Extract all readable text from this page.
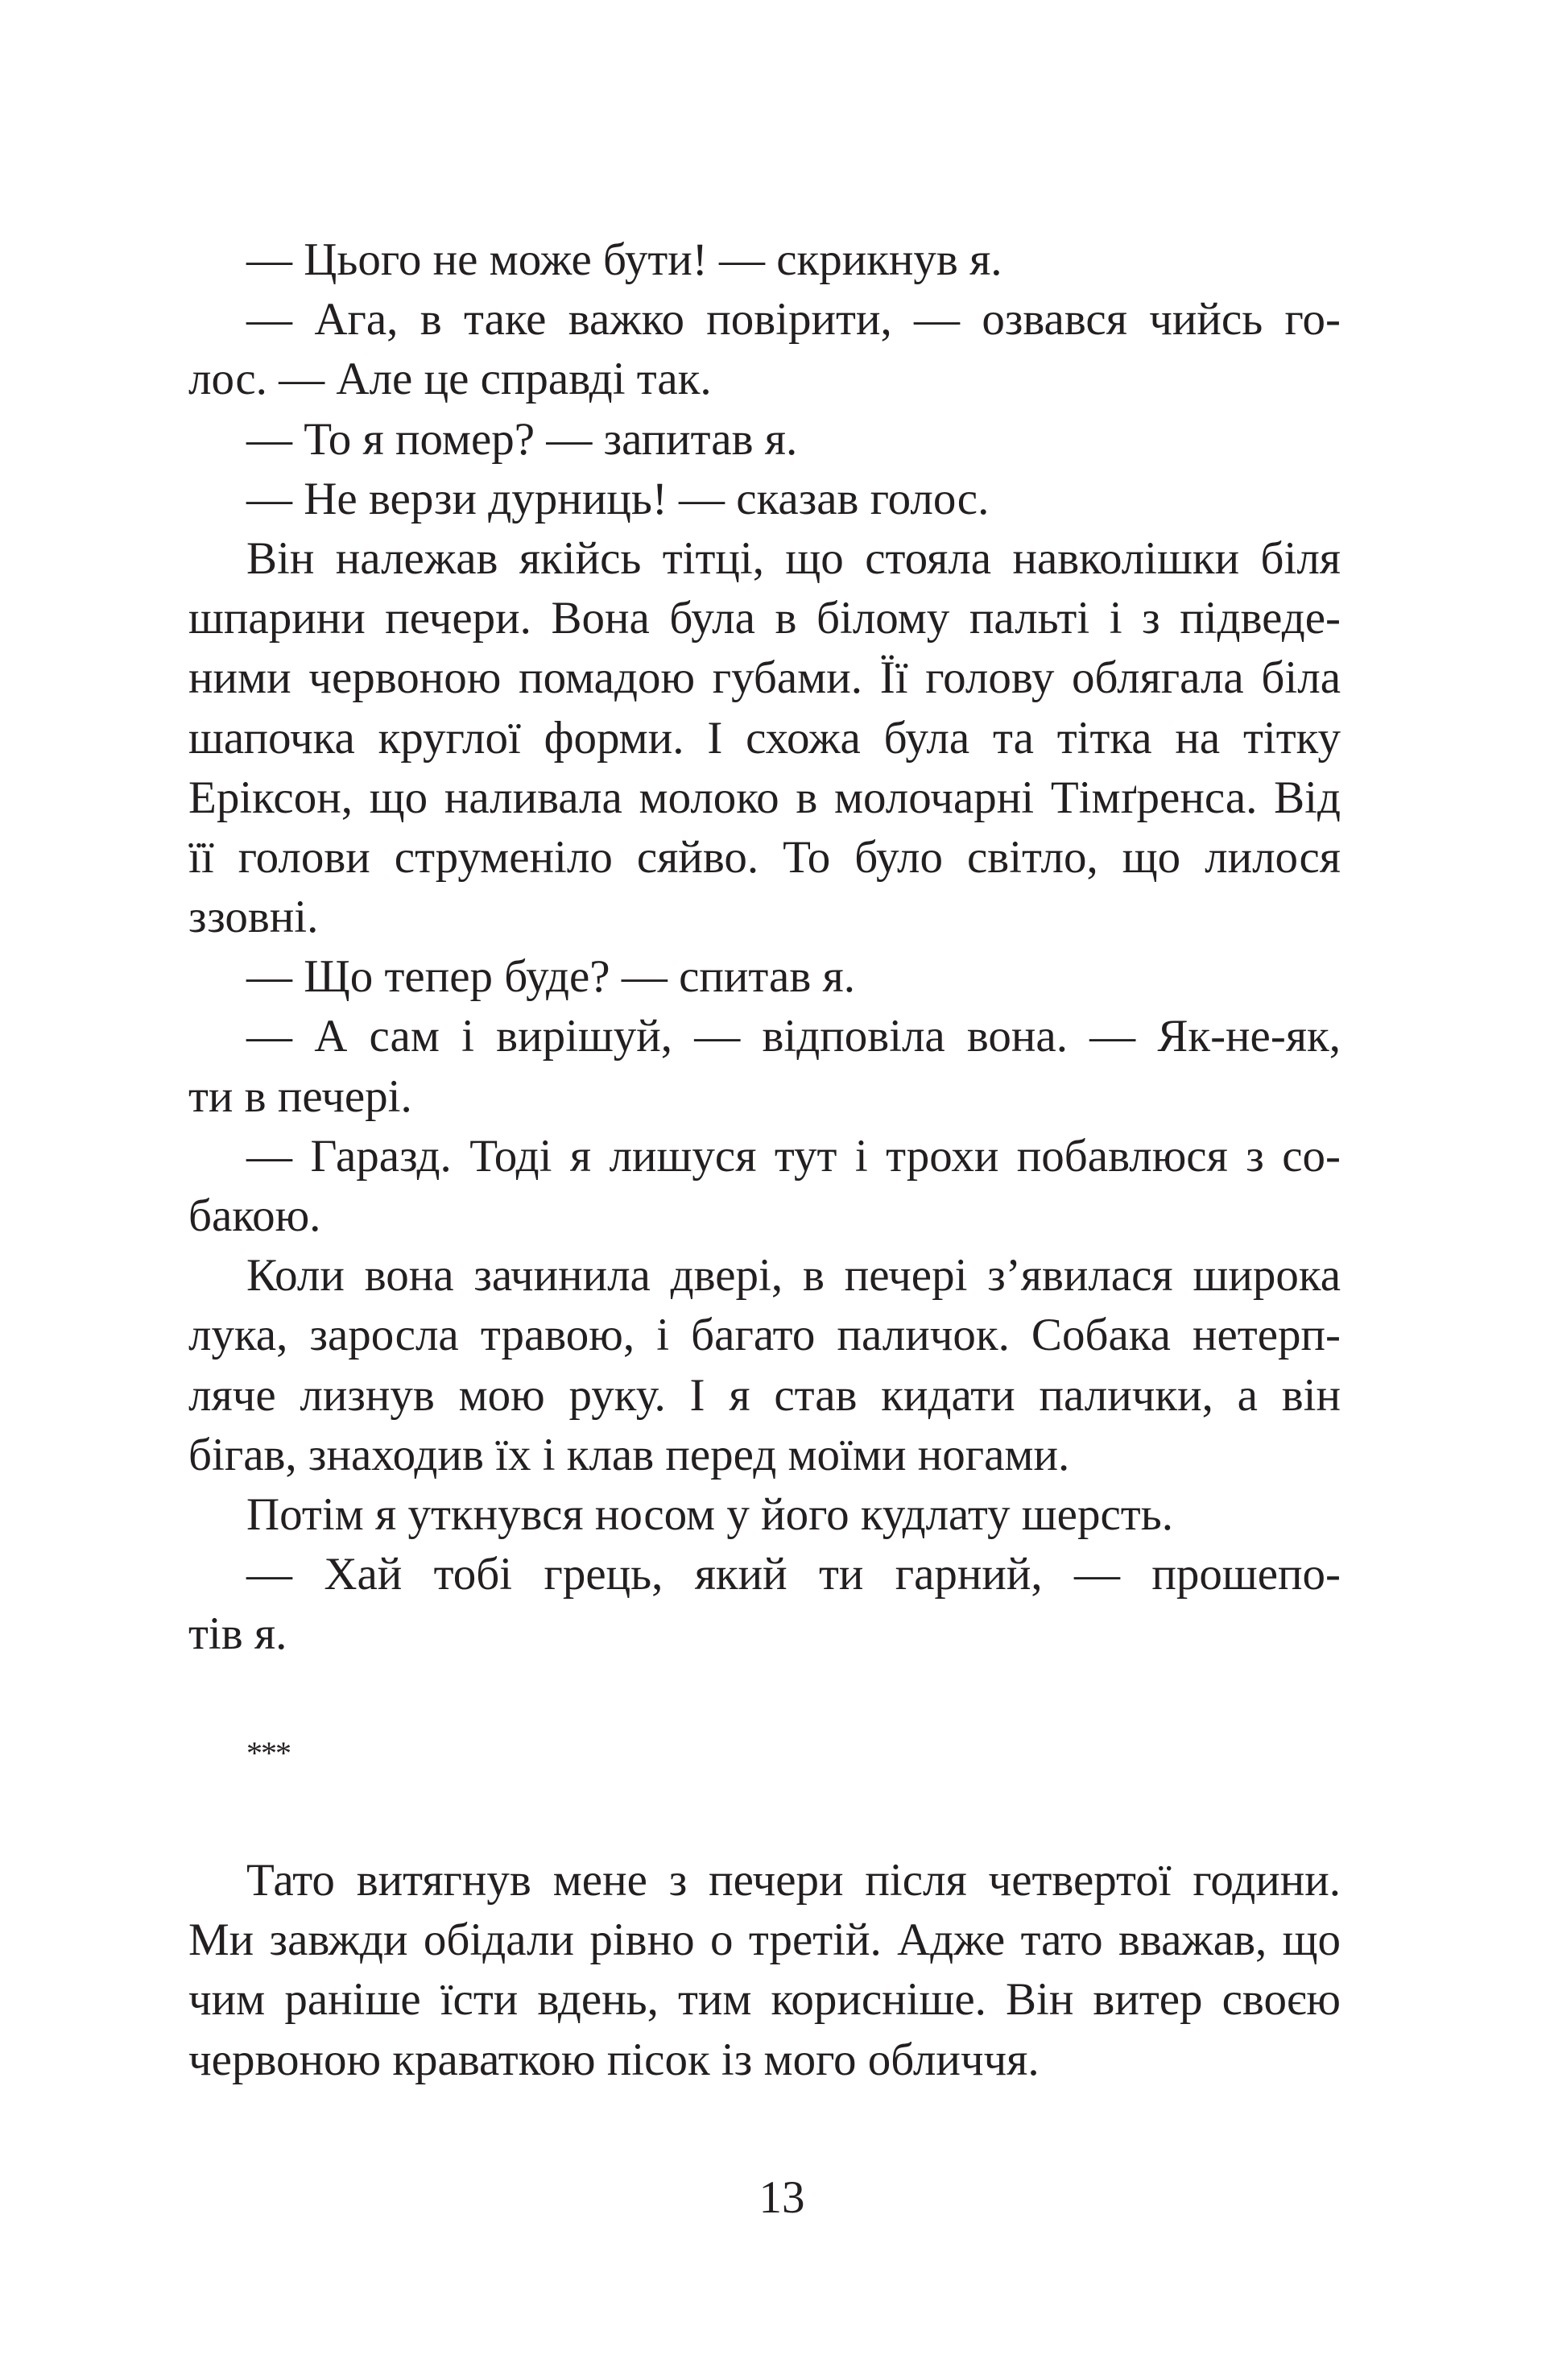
— Цього не може бути! — скрикнув я.
— Ага, в таке важко повірити, — озвався чийсь го-
лос. — Але це справді так.
— То я помер? — запитав я.
— Не верзи дурниць! — сказав голос.
Він належав якійсь тітці, що стояла навколішки біля
шпарини печери. Вона була в білому пальті і з підведе-
ними червоною помадою губами. Її голову облягала біла
шапочка круглої форми. І схожа була та тітка на тітку
Еріксон, що наливала молоко в молочарні Тімґренса. Від
її голови струменіло сяйво. То було світло, що лилося
ззовні.
— Що тепер буде? — спитав я.
— А сам і вирішуй, — відповіла вона. — Як-не-як,
ти в печері.
— Гаразд. Тоді я лишуся тут і трохи побавлюся з со-
бакою.
Коли вона зачинила двері, в печері з’явилася широка
лука, заросла травою, і багато паличок. Собака нетерп-
ляче лизнув мою руку. І я став кидати палички, а він
бігав, знаходив їх і клав перед моїми ногами.
Потім я уткнувся носом у його кудлату шерсть.
— Хай тобі грець, який ти гарний, — прошепо-
тів я.
***
Тато витягнув мене з печери після четвертої години.
Ми завжди обідали рівно о третій. Адже тато вважав, що
чим раніше їсти вдень, тим корисніше. Він витер своєю
червоною краваткою пісок із мого обличчя.
13
